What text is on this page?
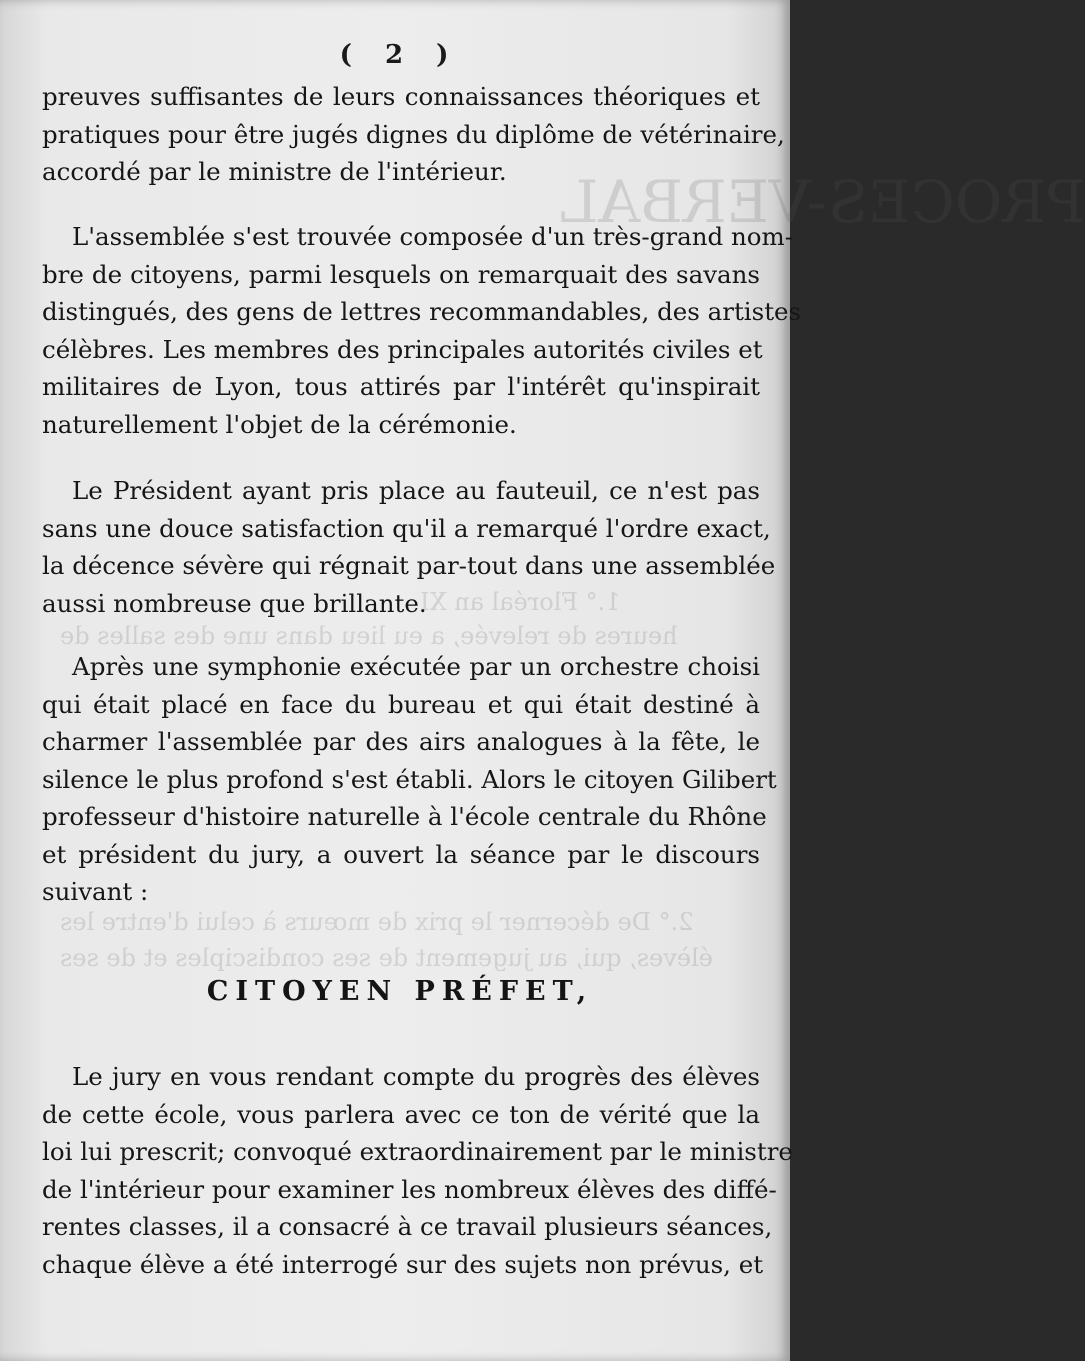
PROCES-VERBAL
1.° Floréal an XI
heures de relevée, a eu lieu dans une des salles de
2.° De décerner le prix de mœurs à celui d'entre les
élèves, qui, au jugement de ses condisciples et de ses
( 2 )
preuves suffisantes de leurs connaissances théoriques et
pratiques pour être jugés dignes du diplôme de vétérinaire,
accordé par le ministre de l'intérieur.
L'assemblée s'est trouvée composée d'un très-grand nom-
bre de citoyens, parmi lesquels on remarquait des savans
distingués, des gens de lettres recommandables, des artistes
célèbres. Les membres des principales autorités civiles et
militaires de Lyon, tous attirés par l'intérêt qu'inspirait
naturellement l'objet de la cérémonie.
Le Président ayant pris place au fauteuil, ce n'est pas
sans une douce satisfaction qu'il a remarqué l'ordre exact,
la décence sévère qui régnait par-tout dans une assemblée
aussi nombreuse que brillante.
Après une symphonie exécutée par un orchestre choisi
qui était placé en face du bureau et qui était destiné à
charmer l'assemblée par des airs analogues à la fête, le
silence le plus profond s'est établi. Alors le citoyen Gilibert
professeur d'histoire naturelle à l'école centrale du Rhône
et président du jury, a ouvert la séance par le discours
suivant :
CITOYEN PRÉFET,
Le jury en vous rendant compte du progrès des élèves
de cette école, vous parlera avec ce ton de vérité que la
loi lui prescrit; convoqué extraordinairement par le ministre
de l'intérieur pour examiner les nombreux élèves des diffé-
rentes classes, il a consacré à ce travail plusieurs séances,
chaque élève a été interrogé sur des sujets non prévus, et
